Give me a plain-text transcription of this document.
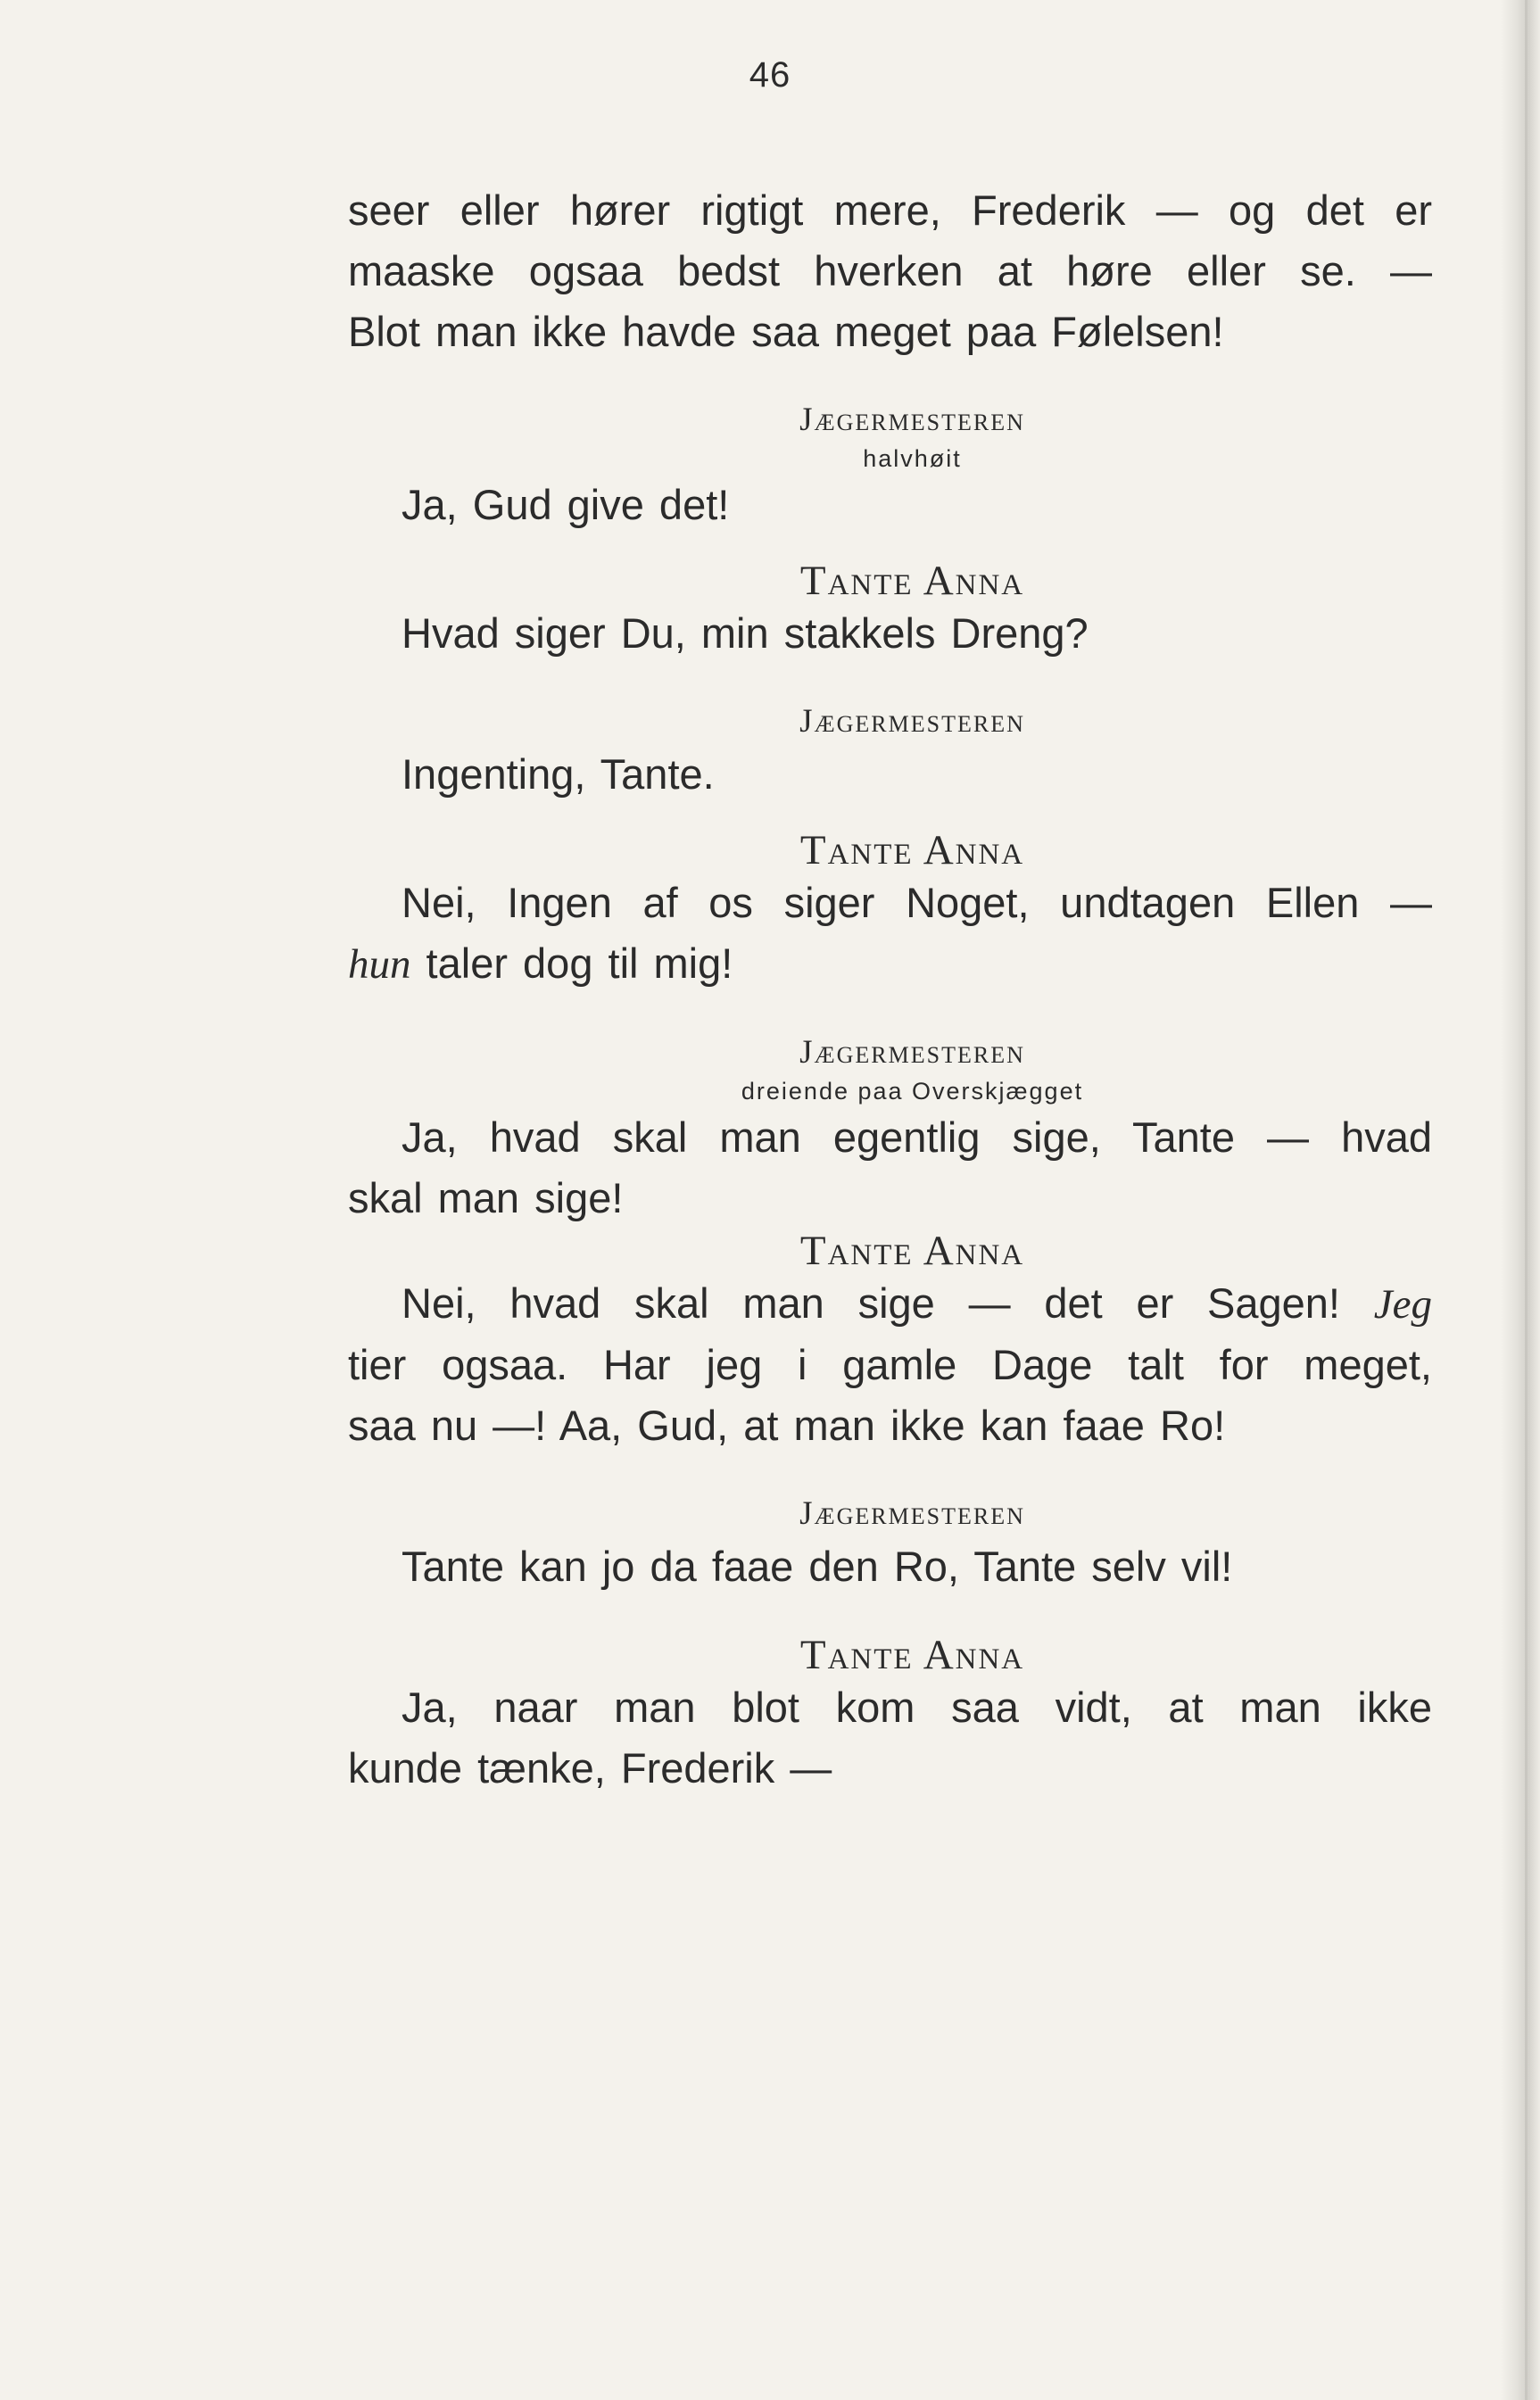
46
seer eller hører rigtigt mere, Frederik — og det er
maaske ogsaa bedst hverken at høre eller se. —
Blot man ikke havde saa meget paa Følelsen!
Jægermesteren
halvhøit
Ja, Gud give det!
Tante Anna
Hvad siger Du, min stakkels Dreng?
Jægermesteren
Ingenting, Tante.
Tante Anna
Nei, Ingen af os siger Noget, undtagen Ellen —
hun taler dog til mig!
Jægermesteren
dreiende paa Overskjægget
Ja, hvad skal man egentlig sige, Tante — hvad
skal man sige!
Tante Anna
Nei, hvad skal man sige — det er Sagen! Jeg
tier ogsaa. Har jeg i gamle Dage talt for meget,
saa nu —! Aa, Gud, at man ikke kan faae Ro!
Jægermesteren
Tante kan jo da faae den Ro, Tante selv vil!
Tante Anna
Ja, naar man blot kom saa vidt, at man ikke
kunde tænke, Frederik —
